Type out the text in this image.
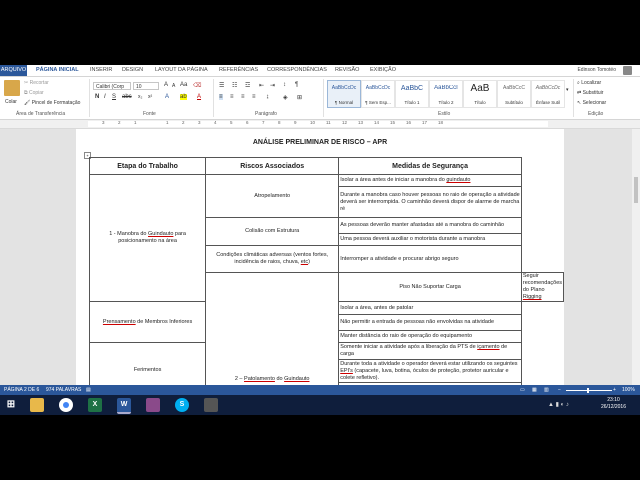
ARQUIVO PÁGINA INICIAL INSERIR DESIGN LAYOUT DA PÁGINA REFERÊNCIAS CORRESPONDÊNCIAS REVISÃO EXIBIÇÃO	Edinson Tomotéo
Colar
✂ Recortar
⧉ Copiar
🖌 Pincel de Formatação
Área de Transferência
Calibri (Corp	10	A A Aa ⌫
N I S abc x₂ x² A ab A
Fonte
☰ ☷ ☲ ⇤ ⇥ ↕ ¶
≡ ≡ ≡ ≡ ↨ ◈ ⊞
Parágrafo
AaBbCcDc
¶ Normal
AaBbCcDc
¶ Sem Esp...
AaBbC
Título 1
AaBbCcI
Título 2
AaB
Título
AaBbCcC
Subtítulo
AaBbCcDc
Ênfase Sutil
▾
Estilo
⌕ Localizar
⇄ Substituir
↖ Selecionar
Edição
3	2	1	1	2	3	4	5	6	7	8	9	10 11	12 13 14 15 16 17 18
+
ANÁLISE PRELIMINAR DE RISCO – APR
Etapa do Trabalho	Riscos Associados	Medidas de Segurança	
1 - Manobra do Guindauto para posicionamento na área	Atropelamento	Isolar a área antes de iniciar a manobra do guindauto	
		Durante a manobra caso houver pessoas no raio de operação a atividade deverá ser interrompida. O caminhão deverá dispor de alarme de marcha ré	
	Colisão com Estrutura	As pessoas deverão manter afastadas até a manobra do caminhão	
		Uma pessoa deverá auxiliar o motorista durante a manobra	
	Condições climáticas adversas (ventos fortes, incidência de raios, chuva, etc)	Interromper a atividade e procurar abrigo seguro	
	2 – Patolamento do Guindauto	Piso Não Suportar Carga	Seguir recomendações do Plano Rigging
Prensamento de Membros Inferiores		Isolar a área, antes de patolar	
		Não permitir a entrada de pessoas não envolvidas na atividade	
		Manter distância do raio de operação do equipamento	
Ferimentos		Somente iniciar a atividade após a liberação da PTS de içamento de carga	
		Durante toda a atividade o operador deverá estar utilizando os seguintes EPI's (capacete, luva, botina, óculos de proteção, protetor auricular e colete refletivo).	

PÁGINA 2 DE 6 974 PALAVRAS ▤	▭ ▦ ▥ −	+ 100%
⊞	X	W	S	▲ ▮ ◐ ♪
23:10
26/12/2016
